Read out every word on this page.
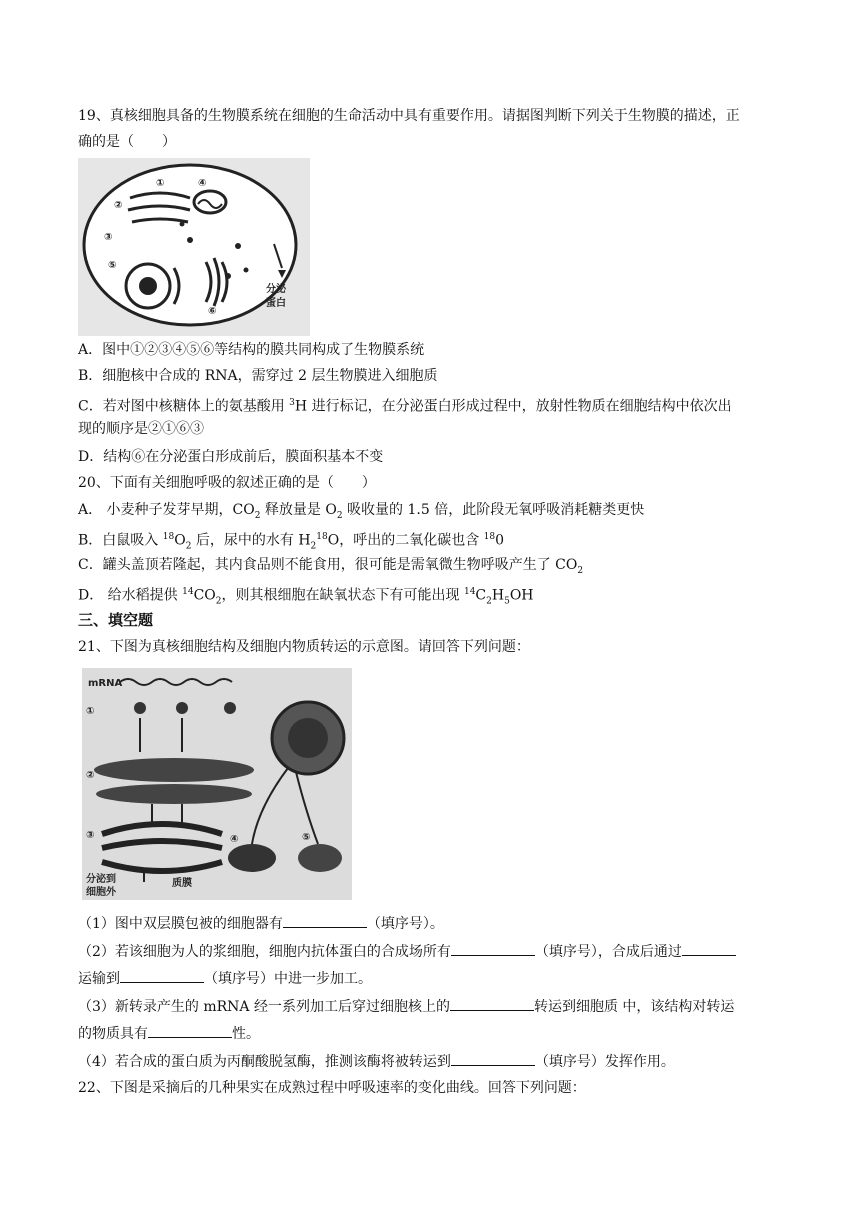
19、真核细胞具备的生物膜系统在细胞的生命活动中具有重要作用。请据图判断下列关于生物膜的描述，正
确的是（　　）
分泌
蛋白
①
②
③
④
⑤
⑥
A．图中①②③④⑤⑥等结构的膜共同构成了生物膜系统
B．细胞核中合成的 RNA，需穿过 2 层生物膜进入细胞质
C．若对图中核糖体上的氨基酸用 $^3$H 进行标记，在分泌蛋白形成过程中，放射性物质在细胞结构中依次出
现的顺序是②①⑥③
D．结构⑥在分泌蛋白形成前后，膜面积基本不变
20、下面有关细胞呼吸的叙述正确的是（　　）
A． 小麦种子发芽早期，$CO_2$ 释放量是 $O_2$ 吸收量的 1.5 倍，此阶段无氧呼吸消耗糖类更快
B．白鼠吸入 $^{18}O_2$ 后，尿中的水有 $H_2^{18}O$，呼出的二氧化碳也含 $^{18}$0
C．罐头盖顶若隆起，其内食品则不能食用，很可能是需氧微生物呼吸产生了 $CO_2$
D． 给水稻提供 $^{14}CO_2$，则其根细胞在缺氧状态下有可能出现 $^{14}C_2H_5OH$
三、填空题
21、下图为真核细胞结构及细胞内物质转运的示意图。请回答下列问题：
mRNA
①
②
③	④	⑤
分泌到
细胞外
质膜
（1）图中双层膜包被的细胞器有	（填序号）。
（2）若该细胞为人的浆细胞，细胞内抗体蛋白的合成场所有	（填序号），合成后通过
运输到	（填序号）中进一步加工。
（3）新转录产生的 mRNA 经一系列加工后穿过细胞核上的	转运到细胞质 中，该结构对转运
的物质具有	性。
（4）若合成的蛋白质为丙酮酸脱氢酶，推测该酶将被转运到	（填序号）发挥作用。
22、下图是采摘后的几种果实在成熟过程中呼吸速率的变化曲线。回答下列问题：
